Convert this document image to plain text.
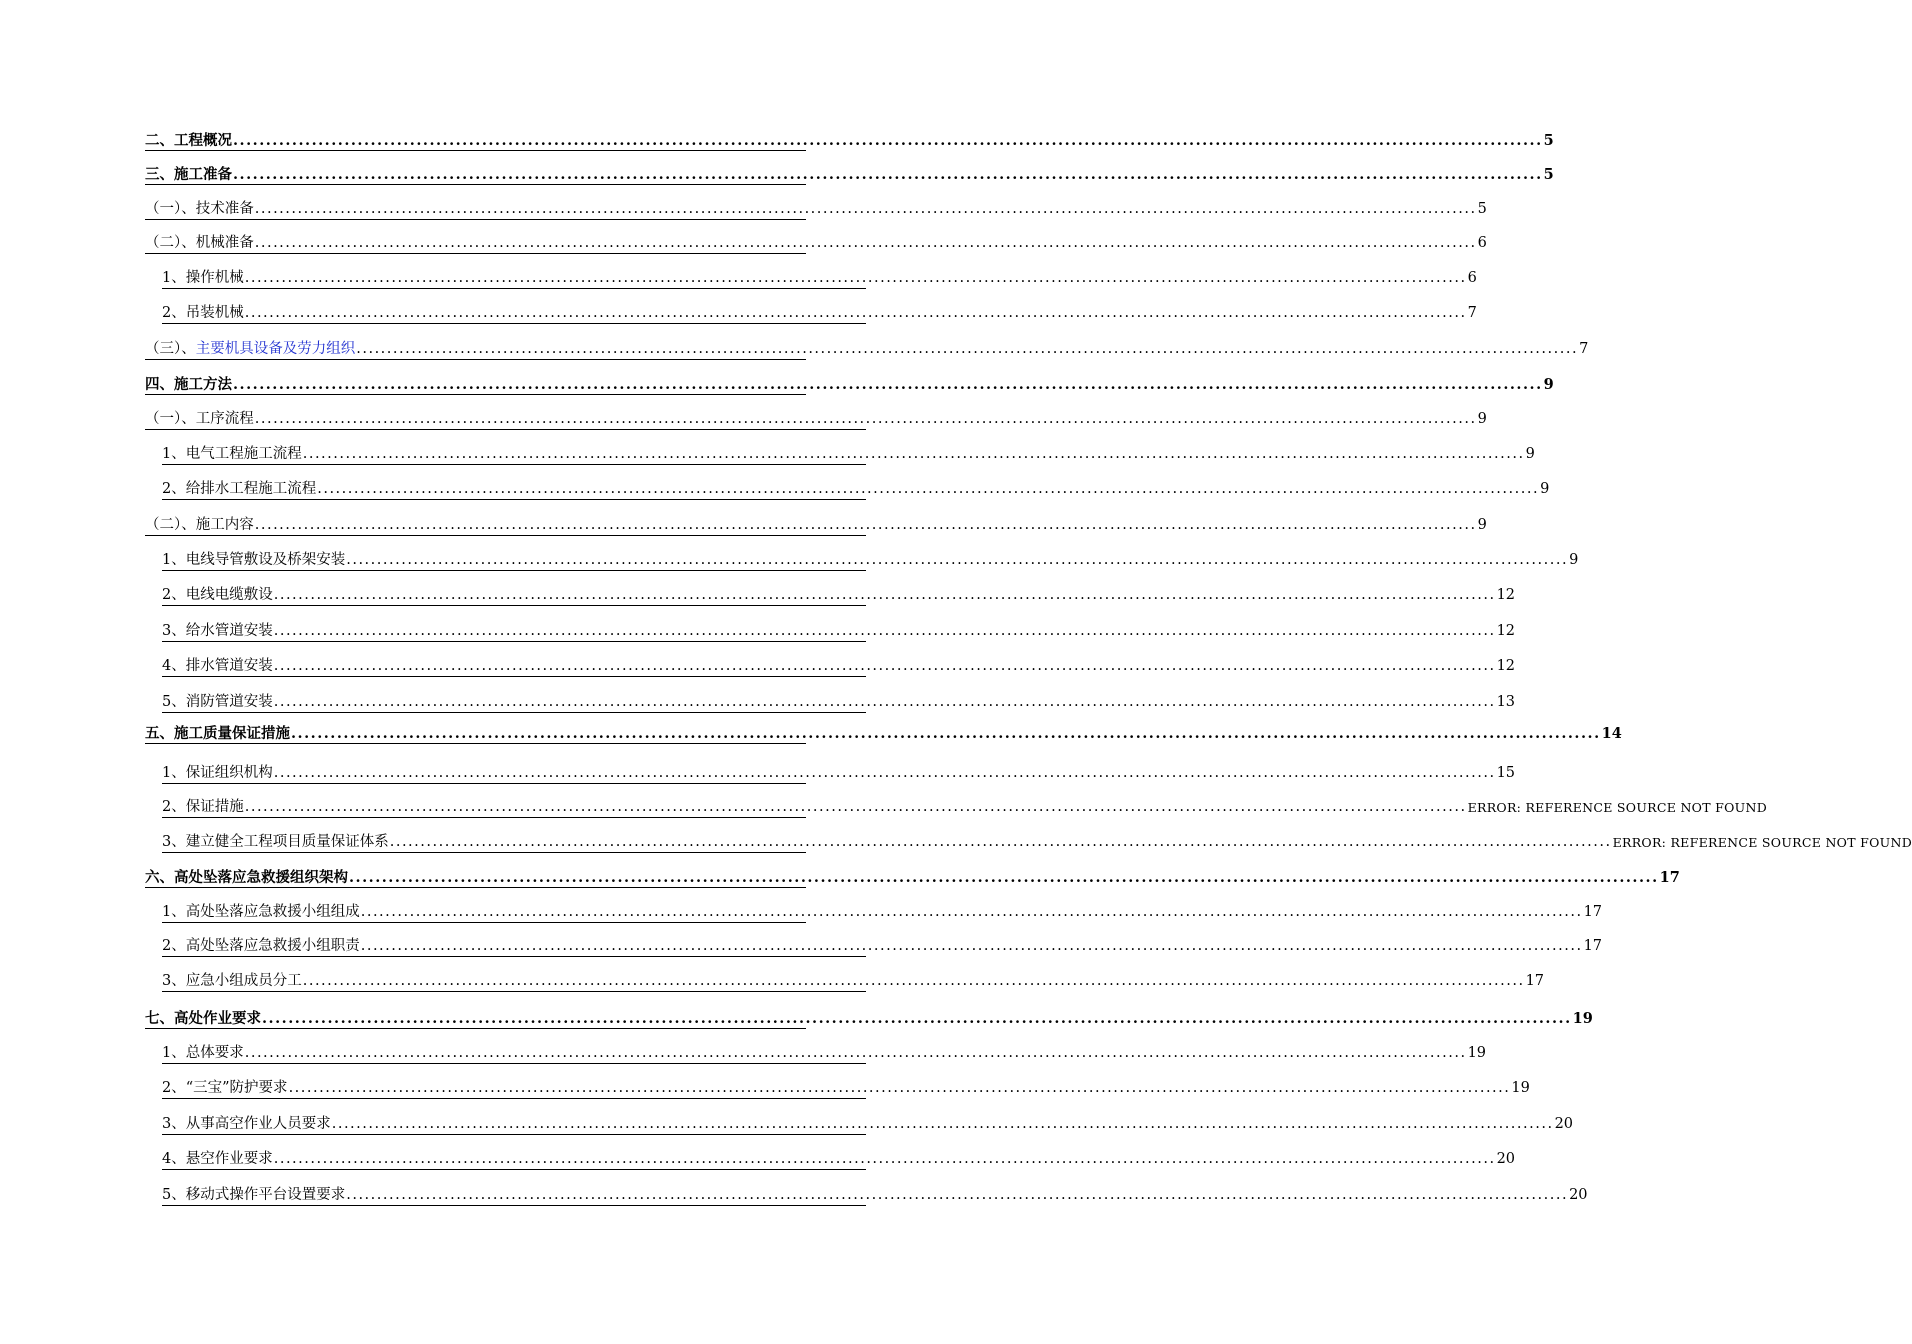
二、工程概况 ........................................................................................................................................................................................................ 5
三、施工准备 ........................................................................................................................................................................................................ 5
（一）、技术准备 ........................................................................................................................................................................................................ 5
（二）、机械准备 ........................................................................................................................................................................................................ 6
1、操作机械 ........................................................................................................................................................................................................ 6
2、吊装机械 ........................................................................................................................................................................................................ 7
（三）、主要机具设备及劳力组织 ........................................................................................................................................................................................................ 7
四、施工方法 ........................................................................................................................................................................................................ 9
（一）、工序流程 ........................................................................................................................................................................................................ 9
1、电气工程施工流程 ........................................................................................................................................................................................................ 9
2、给排水工程施工流程 ........................................................................................................................................................................................................ 9
（二）、施工内容 ........................................................................................................................................................................................................ 9
1、电线导管敷设及桥架安装 ........................................................................................................................................................................................................ 9
2、电线电缆敷设 ........................................................................................................................................................................................................ 12
3、给水管道安装 ........................................................................................................................................................................................................ 12
4、排水管道安装 ........................................................................................................................................................................................................ 12
5、消防管道安装 ........................................................................................................................................................................................................ 13
五、施工质量保证措施 ........................................................................................................................................................................................................ 14
1、保证组织机构 ........................................................................................................................................................................................................ 15
2、保证措施 ........................................................................................................................................................................................................ ERROR: REFERENCE SOURCE NOT FOUND
3、建立健全工程项目质量保证体系 ........................................................................................................................................................................................................ ERROR: REFERENCE SOURCE NOT FOUND
六、高处坠落应急救援组织架构 ........................................................................................................................................................................................................ 17
1、高处坠落应急救援小组组成 ........................................................................................................................................................................................................ 17
2、高处坠落应急救援小组职责 ........................................................................................................................................................................................................ 17
3、应急小组成员分工 ........................................................................................................................................................................................................ 17
七、高处作业要求 ........................................................................................................................................................................................................ 19
1、总体要求 ........................................................................................................................................................................................................ 19
2、“三宝”防护要求 ........................................................................................................................................................................................................ 19
3、从事高空作业人员要求 ........................................................................................................................................................................................................ 20
4、悬空作业要求 ........................................................................................................................................................................................................ 20
5、移动式操作平台设置要求 ........................................................................................................................................................................................................ 20
